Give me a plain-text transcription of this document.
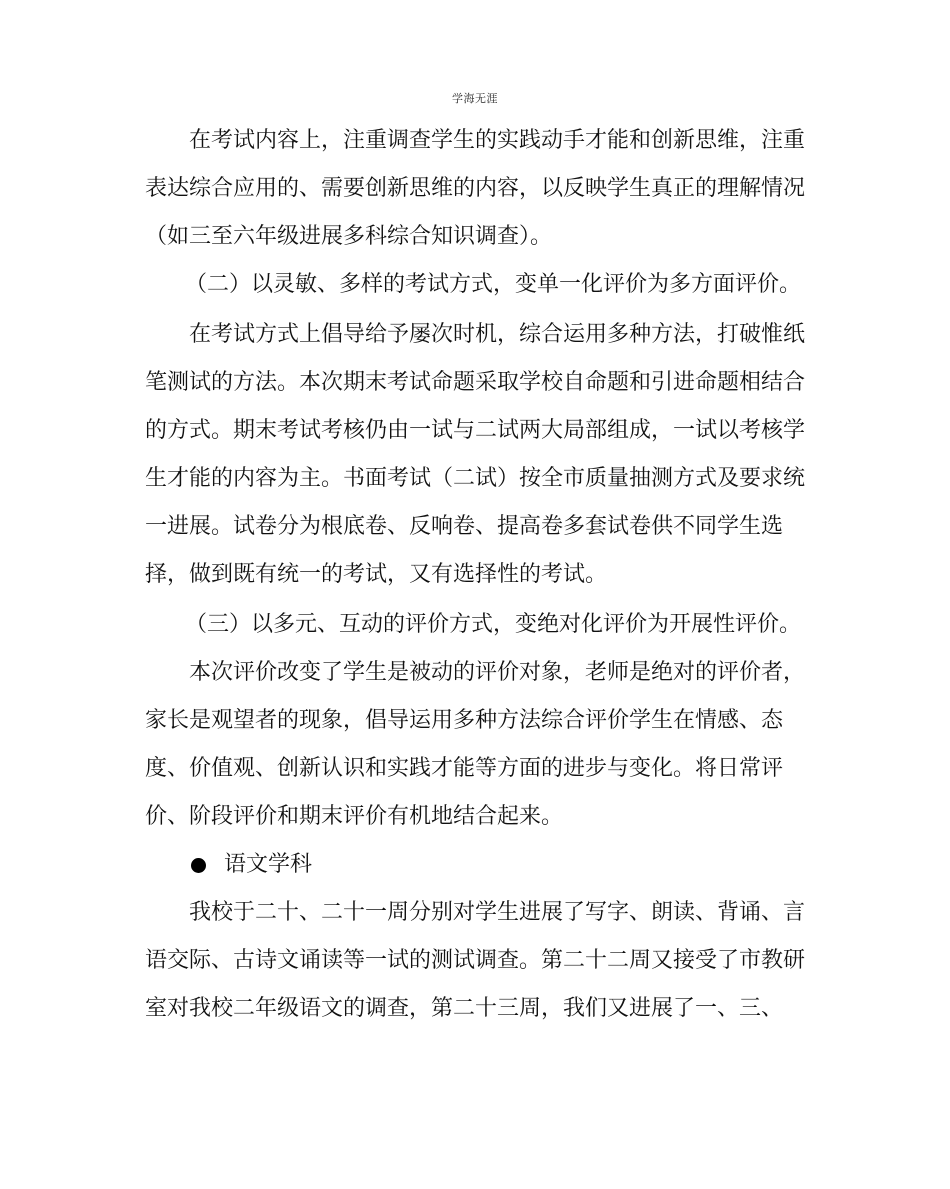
学海无涯
在考试内容上，注重调查学生的实践动手才能和创新思维，注重
表达综合应用的、需要创新思维的内容，以反映学生真正的理解情况
（如三至六年级进展多科综合知识调查）。
（二）以灵敏、多样的考试方式，变单一化评价为多方面评价。
在考试方式上倡导给予屡次时机，综合运用多种方法，打破惟纸
笔测试的方法。本次期末考试命题采取学校自命题和引进命题相结合
的方式。期末考试考核仍由一试与二试两大局部组成，一试以考核学
生才能的内容为主。书面考试（二试）按全市质量抽测方式及要求统
一进展。试卷分为根底卷、反响卷、提高卷多套试卷供不同学生选
择，做到既有统一的考试，又有选择性的考试。
（三）以多元、互动的评价方式，变绝对化评价为开展性评价。
本次评价改变了学生是被动的评价对象，老师是绝对的评价者，
家长是观望者的现象，倡导运用多种方法综合评价学生在情感、态
度、价值观、创新认识和实践才能等方面的进步与变化。将日常评
价、阶段评价和期末评价有机地结合起来。
语文学科
我校于二十、二十一周分别对学生进展了写字、朗读、背诵、言
语交际、古诗文诵读等一试的测试调查。第二十二周又接受了市教研
室对我校二年级语文的调查，第二十三周，我们又进展了一、三、
